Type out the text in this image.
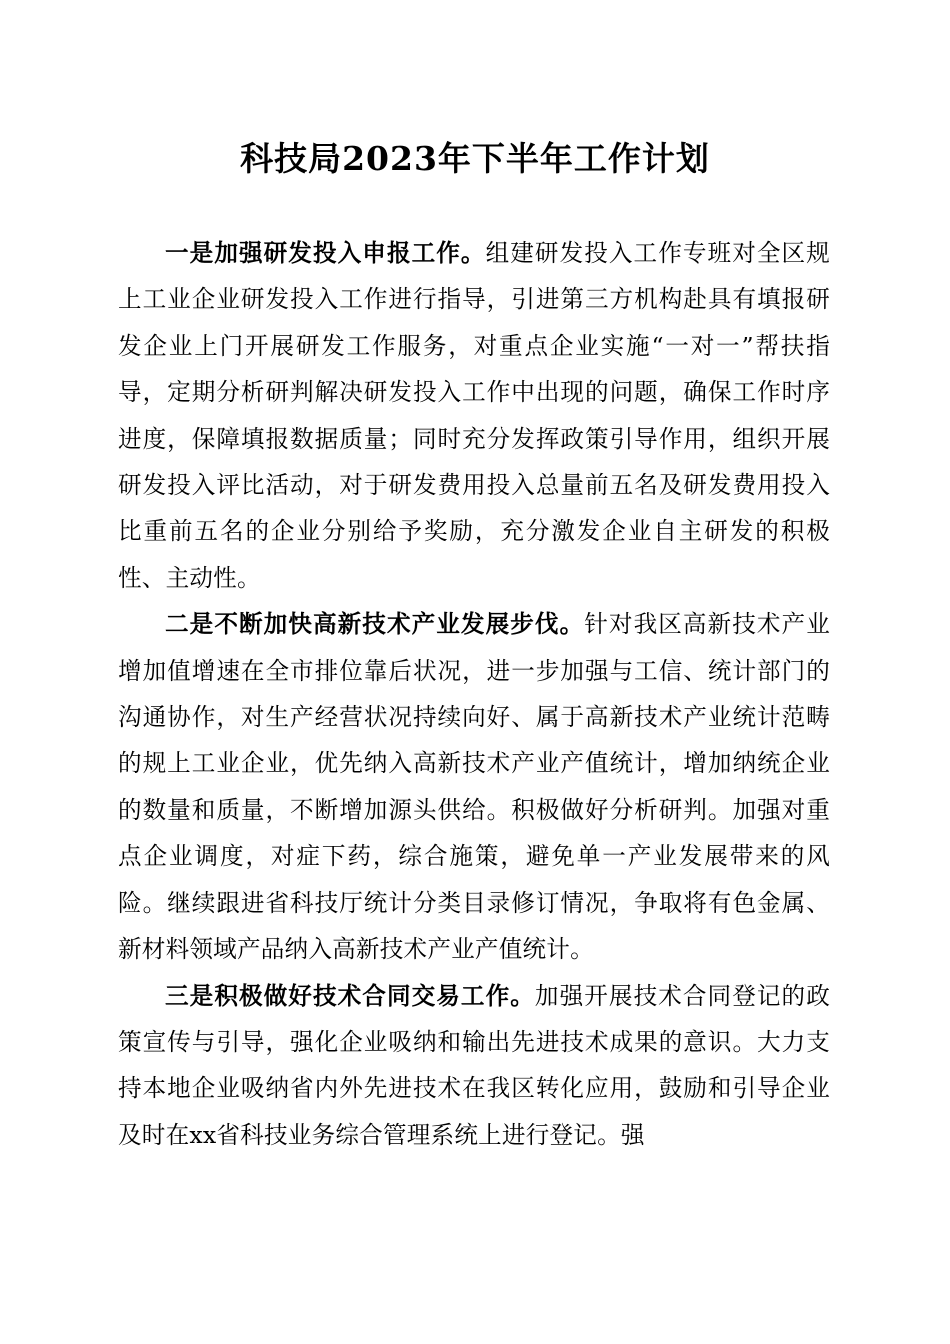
科技局2023年下半年工作计划

一是加强研发投入申报工作。组建研发投入工作专班对全区规上工业企业研发投入工作进行指导，引进第三方机构赴具有填报研发企业上门开展研发工作服务，对重点企业实施“一对一”帮扶指导，定期分析研判解决研发投入工作中出现的问题，确保工作时序进度，保障填报数据质量；同时充分发挥政策引导作用，组织开展研发投入评比活动，对于研发费用投入总量前五名及研发费用投入比重前五名的企业分别给予奖励，充分激发企业自主研发的积极性、主动性。

二是不断加快高新技术产业发展步伐。针对我区高新技术产业增加值增速在全市排位靠后状况，进一步加强与工信、统计部门的沟通协作，对生产经营状况持续向好、属于高新技术产业统计范畴的规上工业企业，优先纳入高新技术产业产值统计，增加纳统企业的数量和质量，不断增加源头供给。积极做好分析研判。加强对重点企业调度，对症下药，综合施策，避免单一产业发展带来的风险。继续跟进省科技厅统计分类目录修订情况，争取将有色金属、新材料领域产品纳入高新技术产业产值统计。

三是积极做好技术合同交易工作。加强开展技术合同登记的政策宣传与引导，强化企业吸纳和输出先进技术成果的意识。大力支持本地企业吸纳省内外先进技术在我区转化应用，鼓励和引导企业及时在xx省科技业务综合管理系统上进行登记。强
